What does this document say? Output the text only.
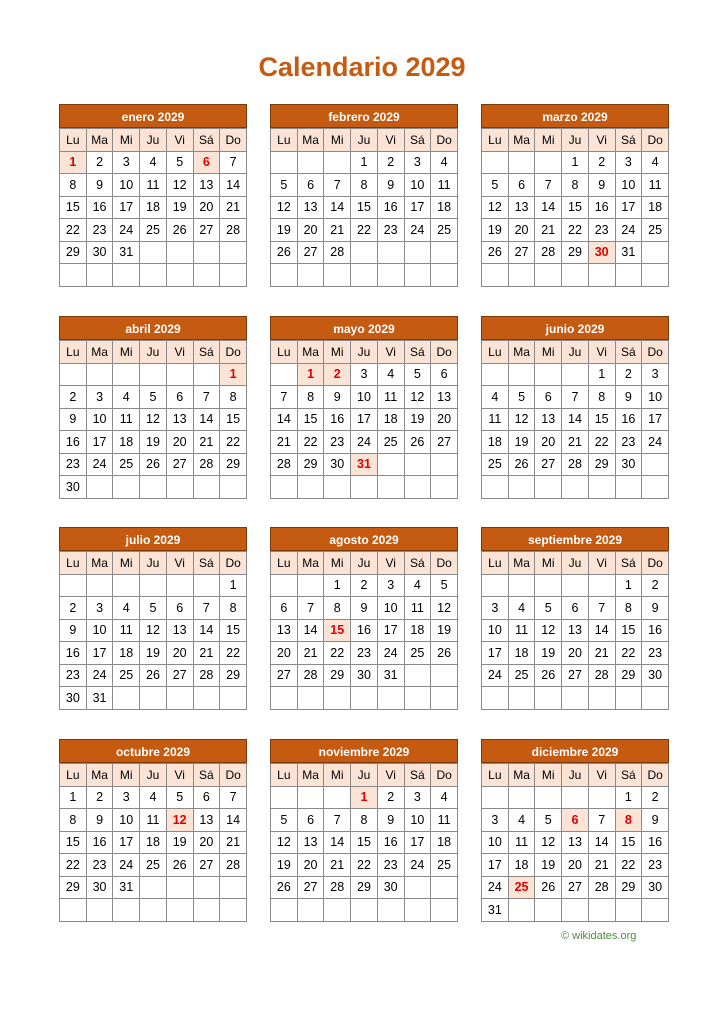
Calendario 2029
enero 2029
Lu	Ma	Mi	Ju	Vi	Sá	Do
1	2	3	4	5	6	7
8	9	10	11	12	13	14
15	16	17	18	19	20	21
22	23	24	25	26	27	28
29	30	31				

febrero 2029
Lu	Ma	Mi	Ju	Vi	Sá	Do
			1	2	3	4
5	6	7	8	9	10	11
12	13	14	15	16	17	18
19	20	21	22	23	24	25
26	27	28				

marzo 2029
Lu	Ma	Mi	Ju	Vi	Sá	Do
			1	2	3	4
5	6	7	8	9	10	11
12	13	14	15	16	17	18
19	20	21	22	23	24	25
26	27	28	29	30	31	

abril 2029
Lu	Ma	Mi	Ju	Vi	Sá	Do
						1
2	3	4	5	6	7	8
9	10	11	12	13	14	15
16	17	18	19	20	21	22
23	24	25	26	27	28	29
30						
mayo 2029
Lu	Ma	Mi	Ju	Vi	Sá	Do
	1	2	3	4	5	6
7	8	9	10	11	12	13
14	15	16	17	18	19	20
21	22	23	24	25	26	27
28	29	30	31			

junio 2029
Lu	Ma	Mi	Ju	Vi	Sá	Do
				1	2	3
4	5	6	7	8	9	10
11	12	13	14	15	16	17
18	19	20	21	22	23	24
25	26	27	28	29	30	

julio 2029
Lu	Ma	Mi	Ju	Vi	Sá	Do
						1
2	3	4	5	6	7	8
9	10	11	12	13	14	15
16	17	18	19	20	21	22
23	24	25	26	27	28	29
30	31					
agosto 2029
Lu	Ma	Mi	Ju	Vi	Sá	Do
		1	2	3	4	5
6	7	8	9	10	11	12
13	14	15	16	17	18	19
20	21	22	23	24	25	26
27	28	29	30	31		

septiembre 2029
Lu	Ma	Mi	Ju	Vi	Sá	Do
					1	2
3	4	5	6	7	8	9
10	11	12	13	14	15	16
17	18	19	20	21	22	23
24	25	26	27	28	29	30

octubre 2029
Lu	Ma	Mi	Ju	Vi	Sá	Do
1	2	3	4	5	6	7
8	9	10	11	12	13	14
15	16	17	18	19	20	21
22	23	24	25	26	27	28
29	30	31				

noviembre 2029
Lu	Ma	Mi	Ju	Vi	Sá	Do
			1	2	3	4
5	6	7	8	9	10	11
12	13	14	15	16	17	18
19	20	21	22	23	24	25
26	27	28	29	30		

diciembre 2029
Lu	Ma	Mi	Ju	Vi	Sá	Do
					1	2
3	4	5	6	7	8	9
10	11	12	13	14	15	16
17	18	19	20	21	22	23
24	25	26	27	28	29	30
31						
© wikidates.org
